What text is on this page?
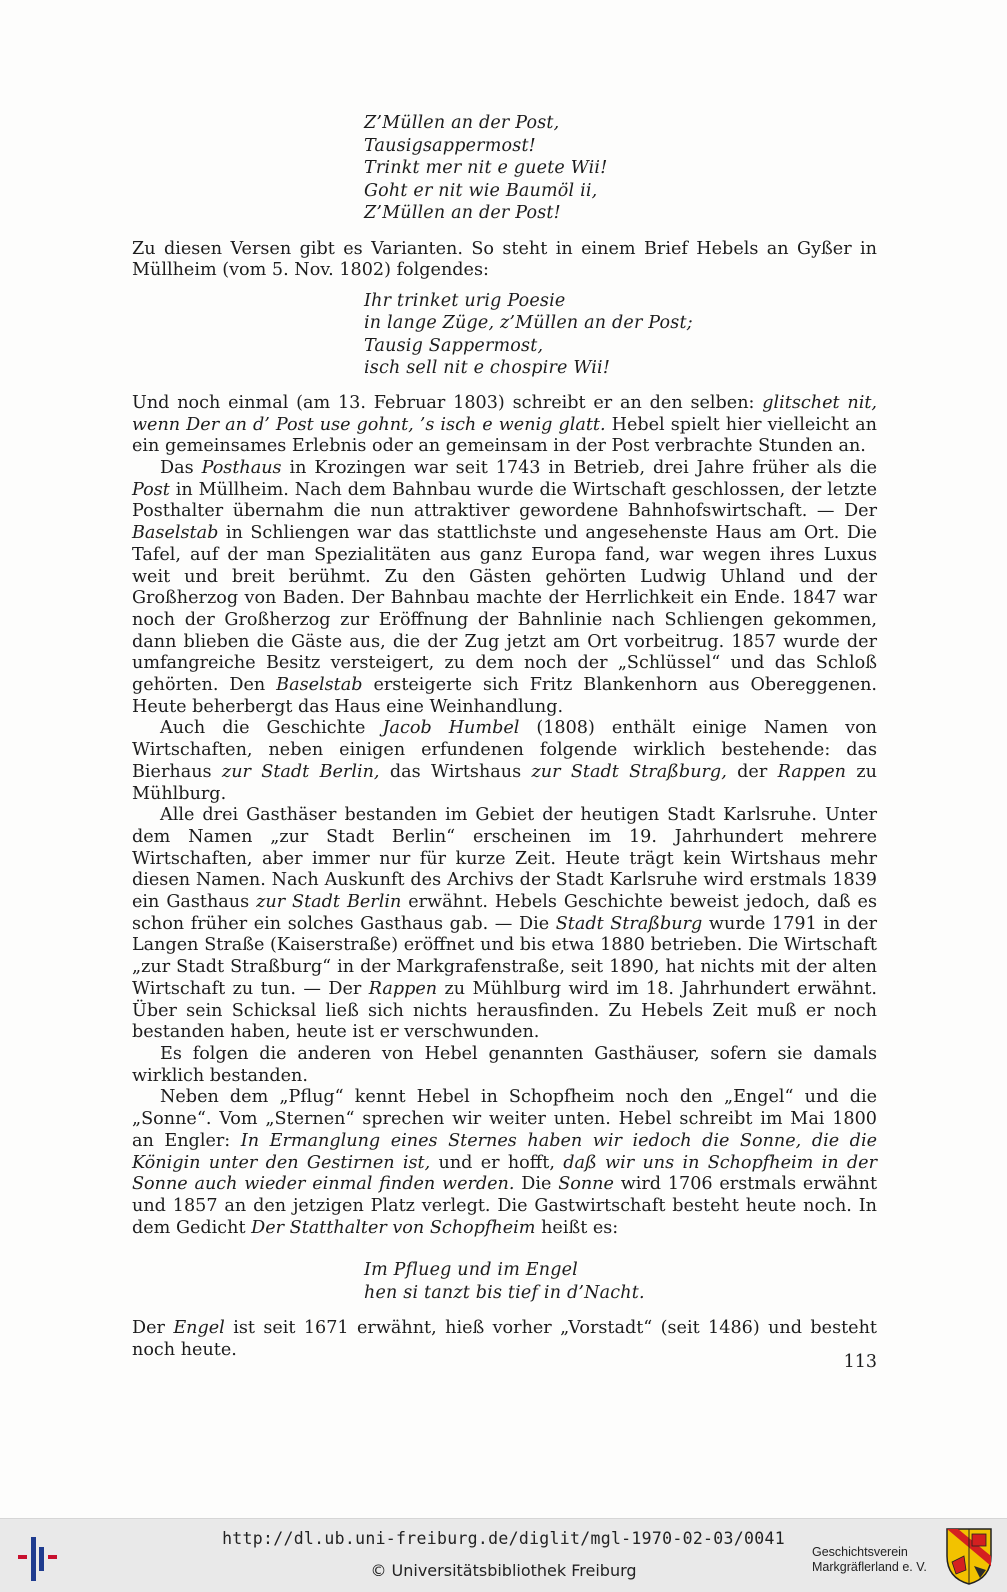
Z’Müllen an der Post,
Tausigsappermost!
Trinkt mer nit e guete Wii!
Goht er nit wie Baumöl ii,
Z’Müllen an der Post!

Zu diesen Versen gibt es Varianten. So steht in einem Brief Hebels an Gyßer in Müllheim (vom 5. Nov. 1802) folgendes:

Ihr trinket urig Poesie
in lange Züge, z’Müllen an der Post;
Tausig Sappermost,
isch sell nit e chospire Wii!

Und noch einmal (am 13. Februar 1803) schreibt er an den selben: glitschet nit, wenn Der an d’ Post use gohnt, ’s isch e wenig glatt. Hebel spielt hier vielleicht an ein gemeinsames Erlebnis oder an gemeinsam in der Post verbrachte Stunden an.

Das Posthaus in Krozingen war seit 1743 in Betrieb, drei Jahre früher als die Post in Müllheim. Nach dem Bahnbau wurde die Wirtschaft geschlossen, der letzte Posthalter übernahm die nun attraktiver gewordene Bahnhofswirtschaft. — Der Baselstab in Schliengen war das stattlichste und angesehenste Haus am Ort. Die Tafel, auf der man Spezialitäten aus ganz Europa fand, war wegen ihres Luxus weit und breit berühmt. Zu den Gästen gehörten Ludwig Uhland und der Großherzog von Baden. Der Bahnbau machte der Herrlichkeit ein Ende. 1847 war noch der Großherzog zur Eröffnung der Bahnlinie nach Schliengen gekommen, dann blieben die Gäste aus, die der Zug jetzt am Ort vorbeitrug. 1857 wurde der umfangreiche Besitz versteigert, zu dem noch der „Schlüssel“ und das Schloß gehörten. Den Baselstab ersteigerte sich Fritz Blankenhorn aus Obereggenen. Heute beherbergt das Haus eine Weinhandlung.

Auch die Geschichte Jacob Humbel (1808) enthält einige Namen von Wirtschaften, neben einigen erfundenen folgende wirklich bestehende: das Bierhaus zur Stadt Berlin, das Wirtshaus zur Stadt Straßburg, der Rappen zu Mühlburg.

Alle drei Gasthäser bestanden im Gebiet der heutigen Stadt Karlsruhe. Unter dem Namen „zur Stadt Berlin“ erscheinen im 19. Jahrhundert mehrere Wirtschaften, aber immer nur für kurze Zeit. Heute trägt kein Wirtshaus mehr diesen Namen. Nach Auskunft des Archivs der Stadt Karlsruhe wird erstmals 1839 ein Gasthaus zur Stadt Berlin erwähnt. Hebels Geschichte beweist jedoch, daß es schon früher ein solches Gasthaus gab. — Die Stadt Straßburg wurde 1791 in der Langen Straße (Kaiserstraße) eröffnet und bis etwa 1880 betrieben. Die Wirtschaft „zur Stadt Straßburg“ in der Markgrafenstraße, seit 1890, hat nichts mit der alten Wirtschaft zu tun. — Der Rappen zu Mühlburg wird im 18. Jahrhundert erwähnt. Über sein Schicksal ließ sich nichts herausfinden. Zu Hebels Zeit muß er noch bestanden haben, heute ist er verschwunden.

Es folgen die anderen von Hebel genannten Gasthäuser, sofern sie damals wirklich bestanden.

Neben dem „Pflug“ kennt Hebel in Schopfheim noch den „Engel“ und die „Sonne“. Vom „Sternen“ sprechen wir weiter unten. Hebel schreibt im Mai 1800 an Engler: In Ermanglung eines Sternes haben wir iedoch die Sonne, die die Königin unter den Gestirnen ist, und er hofft, daß wir uns in Schopfheim in der Sonne auch wieder einmal finden werden. Die Sonne wird 1706 erstmals erwähnt und 1857 an den jetzigen Platz verlegt. Die Gastwirtschaft besteht heute noch. In dem Gedicht Der Statthalter von Schopfheim heißt es:

Im Pflueg und im Engel
hen si tanzt bis tief in d’Nacht.

Der Engel ist seit 1671 erwähnt, hieß vorher „Vorstadt“ (seit 1486) und besteht noch heute.

113
http://dl.ub.uni-freiburg.de/diglit/mgl-1970-02-03/0041
© Universitätsbibliothek Freiburg
Geschichtsverein
Markgräflerland e. V.
